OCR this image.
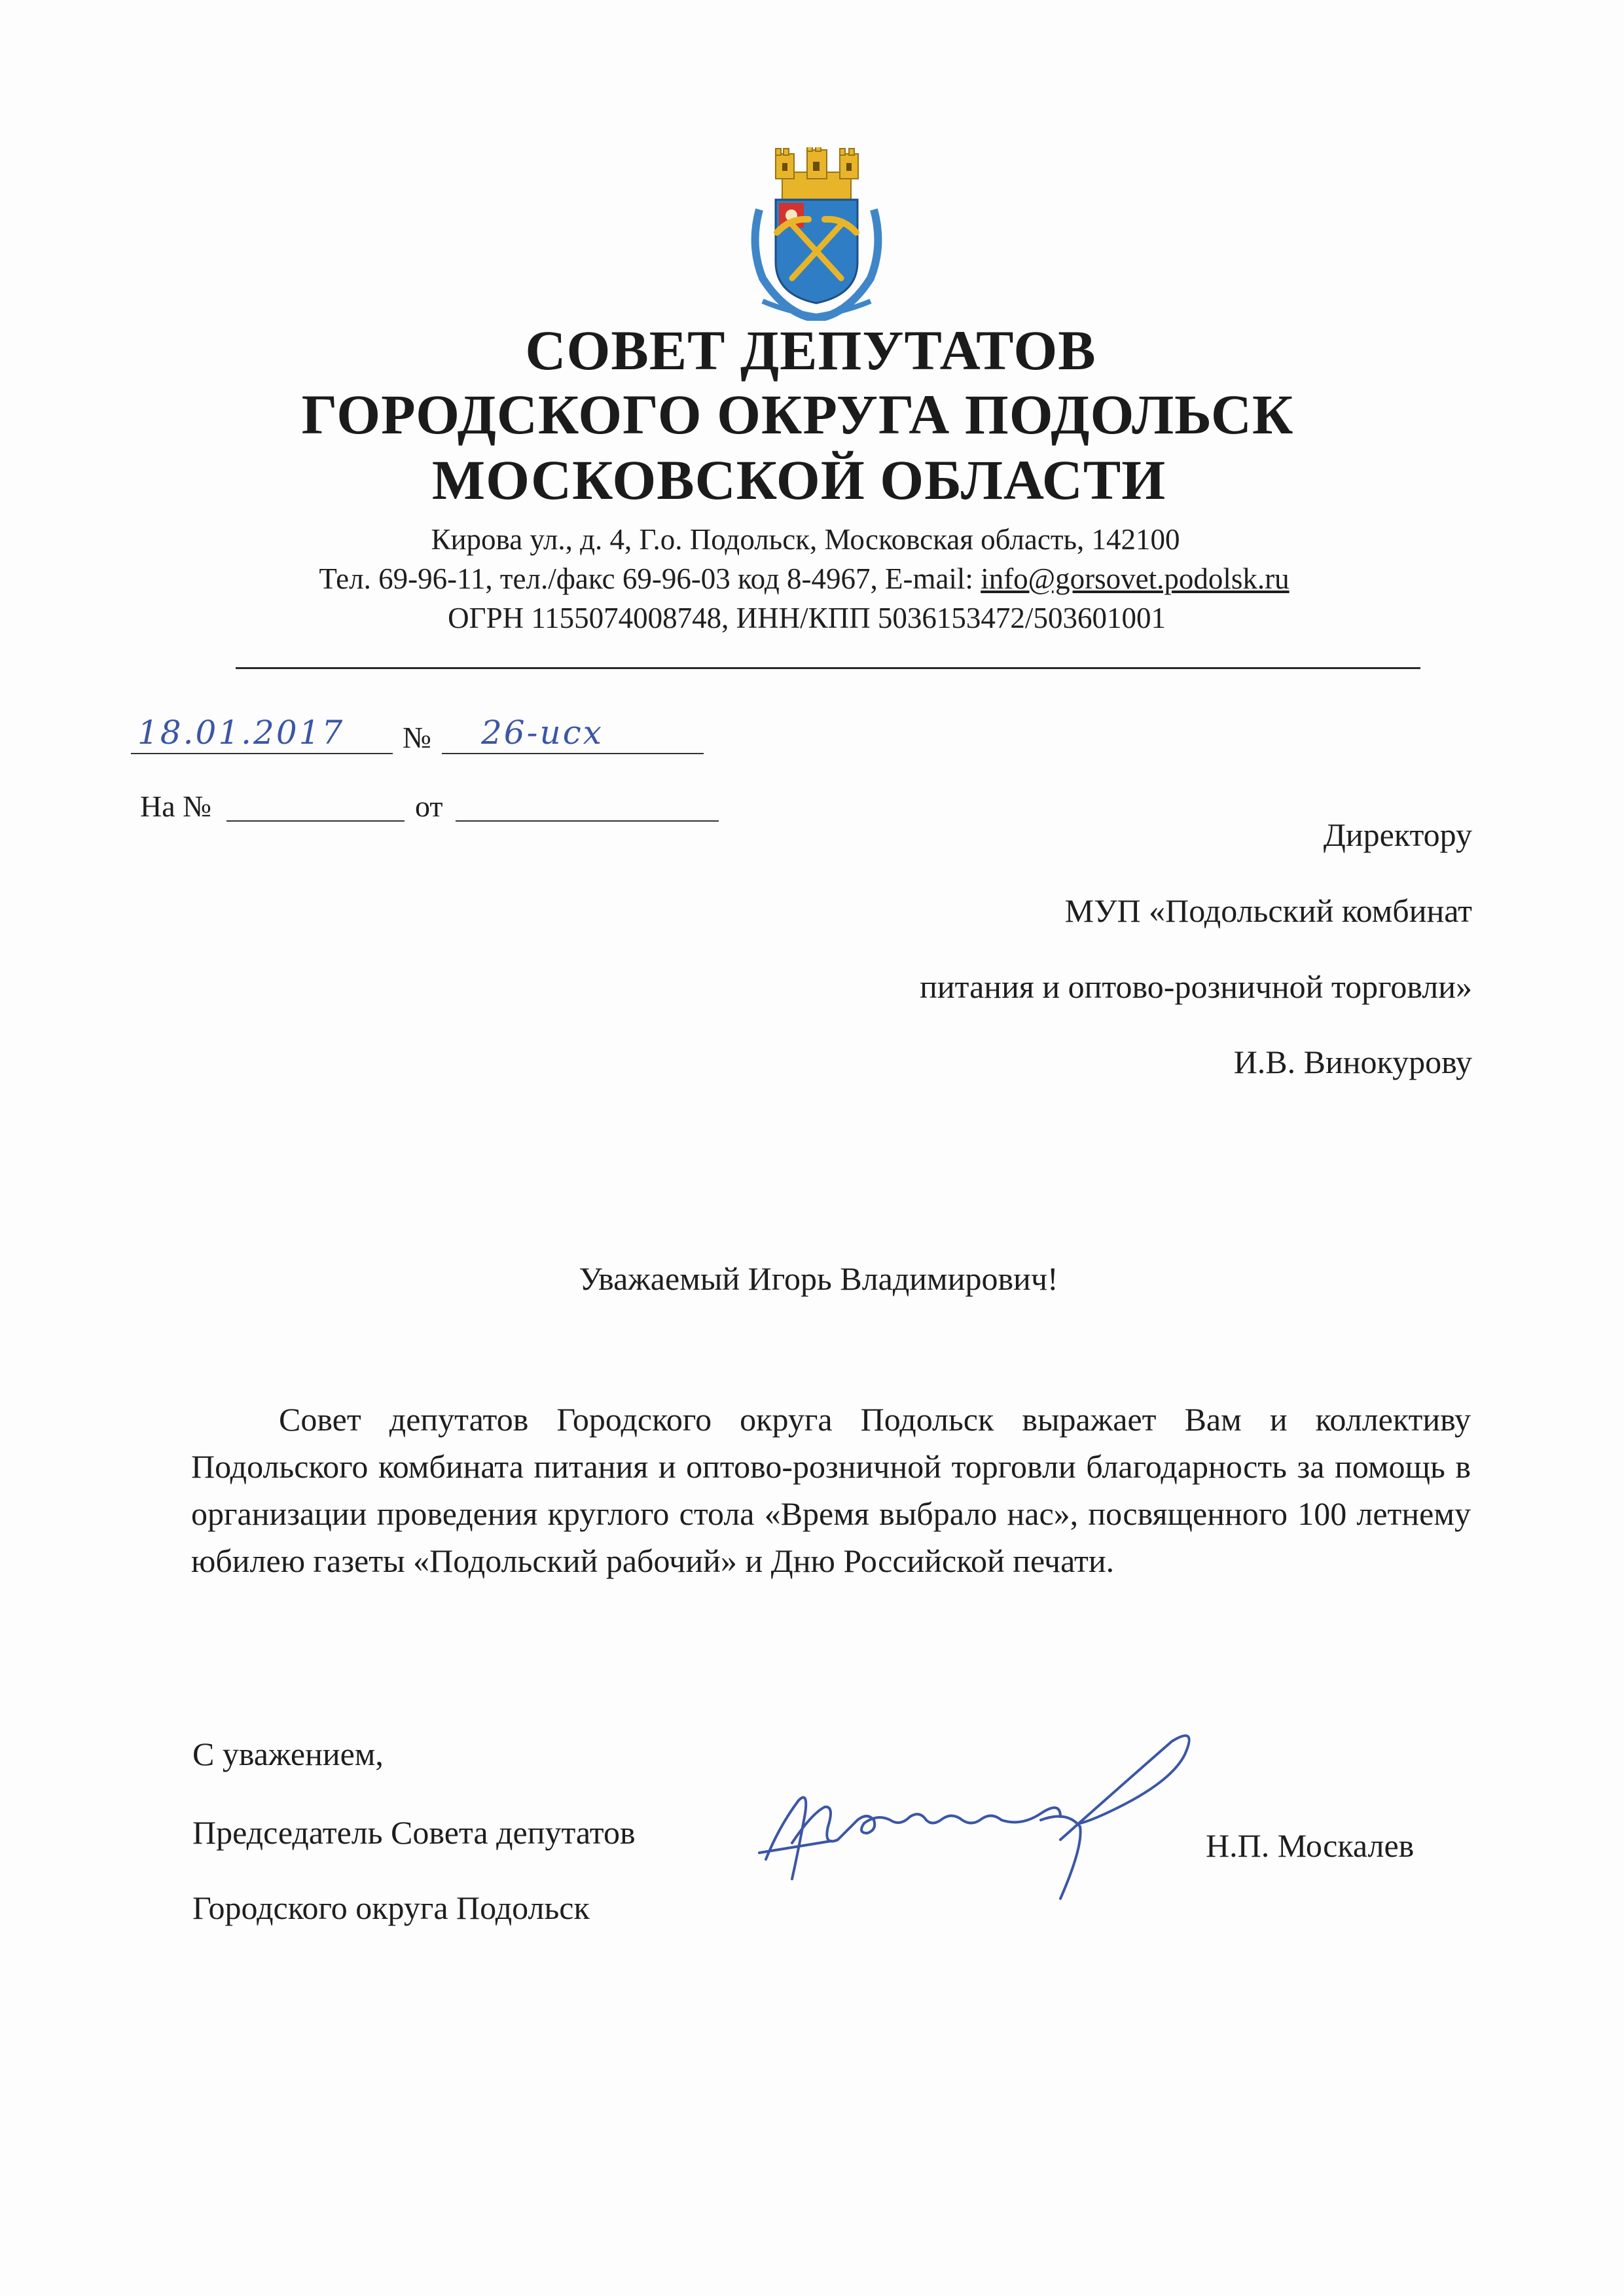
СОВЕТ ДЕПУТАТОВ
ГОРОДСКОГО ОКРУГА ПОДОЛЬСК
МОСКОВСКОЙ ОБЛАСТИ
Кирова ул., д. 4, Г.о. Подольск, Московская область, 142100
Тел. 69-96-11, тел./факс 69-96-03 код 8-4967, E-mail: info@gorsovet.podolsk.ru
ОГРН 1155074008748, ИНН/КПП 5036153472/503601001
18.01.2017 № 26-исх
На №	от
Директору
МУП «Подольский комбинат
питания и оптово-розничной торговли»
И.В. Винокурову
Уважаемый Игорь Владимирович!
Совет депутатов Городского округа Подольск выражает Вам и коллективу Подольского комбината питания и оптово-розничной торговли благодарность за помощь в организации проведения круглого стола «Время выбрало нас», посвященного 100 летнему юбилею газеты «Подольский рабочий» и Дню Российской печати.
С уважением,
Председатель Совета депутатов
Городского округа Подольск
Н.П. Москалев
